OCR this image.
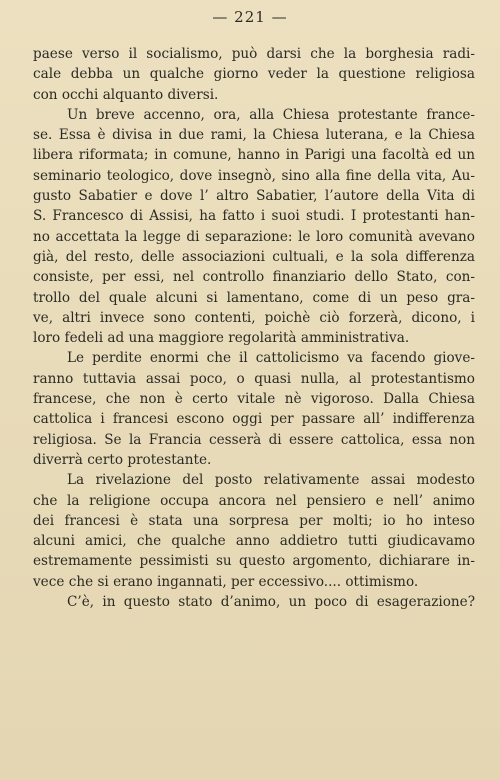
— 221 —
paese verso il socialismo, può darsi che la borghesia radi-
cale debba un qualche giorno veder la questione religiosa
con occhi alquanto diversi.
Un breve accenno, ora, alla Chiesa protestante france-
se. Essa è divisa in due rami, la Chiesa luterana, e la Chiesa
libera riformata; in comune, hanno in Parigi una facoltà ed un
seminario teologico, dove insegnò, sino alla fine della vita, Au-
gusto Sabatier e dove l’ altro Sabatier, l’autore della Vita di
S. Francesco di Assisi, ha fatto i suoi studi. I protestanti han-
no accettata la legge di separazione: le loro comunità avevano
già, del resto, delle associazioni cultuali, e la sola differenza
consiste, per essi, nel controllo finanziario dello Stato, con-
trollo del quale alcuni si lamentano, come di un peso gra-
ve, altri invece sono contenti, poichè ciò forzerà, dicono, i
loro fedeli ad una maggiore regolarità amministrativa.
Le perdite enormi che il cattolicismo va facendo giove-
ranno tuttavia assai poco, o quasi nulla, al protestantismo
francese, che non è certo vitale nè vigoroso. Dalla Chiesa
cattolica i francesi escono oggi per passare all’ indifferenza
religiosa. Se la Francia cesserà di essere cattolica, essa non
diverrà certo protestante.
La rivelazione del posto relativamente assai modesto
che la religione occupa ancora nel pensiero e nell’ animo
dei francesi è stata una sorpresa per molti; io ho inteso
alcuni amici, che qualche anno addietro tutti giudicavamo
estremamente pessimisti su questo argomento, dichiarare in-
vece che si erano ingannati, per eccessivo.... ottimismo.
C’è, in questo stato d’animo, un poco di esagerazione?
